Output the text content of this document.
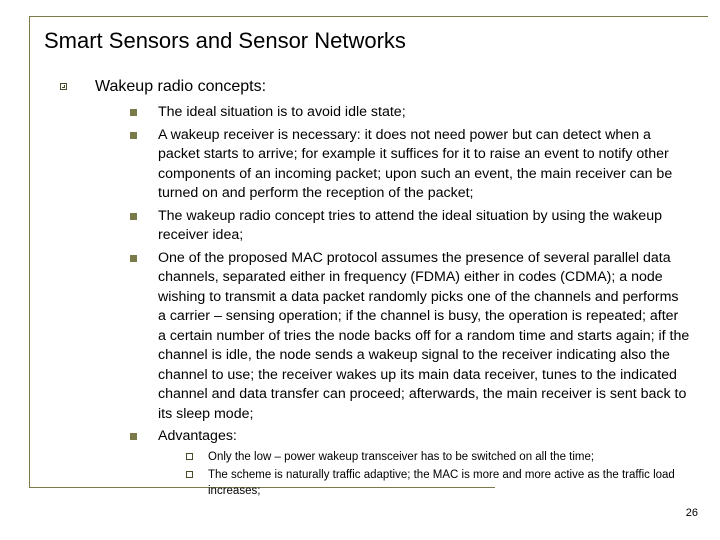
Smart Sensors and Sensor Networks
Wakeup radio concepts:
The ideal situation is to avoid idle state;
A wakeup receiver is necessary: it does not need power but can detect when a packet starts to arrive; for example it suffices for it to raise an event to notify other components of an incoming packet; upon such an event, the main receiver can be turned on and perform the reception of the packet;
The wakeup radio concept tries to attend the ideal situation by using the wakeup receiver idea;
One of the proposed MAC protocol assumes the presence of several parallel data channels, separated either in frequency (FDMA) either in codes (CDMA); a node wishing to transmit a data packet randomly picks one of the channels and performs a carrier – sensing operation; if the channel is busy, the operation is repeated; after a certain number of tries the node backs off for a random time and starts again; if the channel is idle, the node sends a wakeup signal to the receiver indicating also the channel to use; the receiver wakes up its main data receiver, tunes to the indicated channel and data transfer can proceed; afterwards, the main receiver is sent back to its sleep mode;
Advantages:
Only the low – power wakeup transceiver has to be switched on all the time;
The scheme is naturally traffic adaptive; the MAC is more and more active as the traffic load increases;
26
